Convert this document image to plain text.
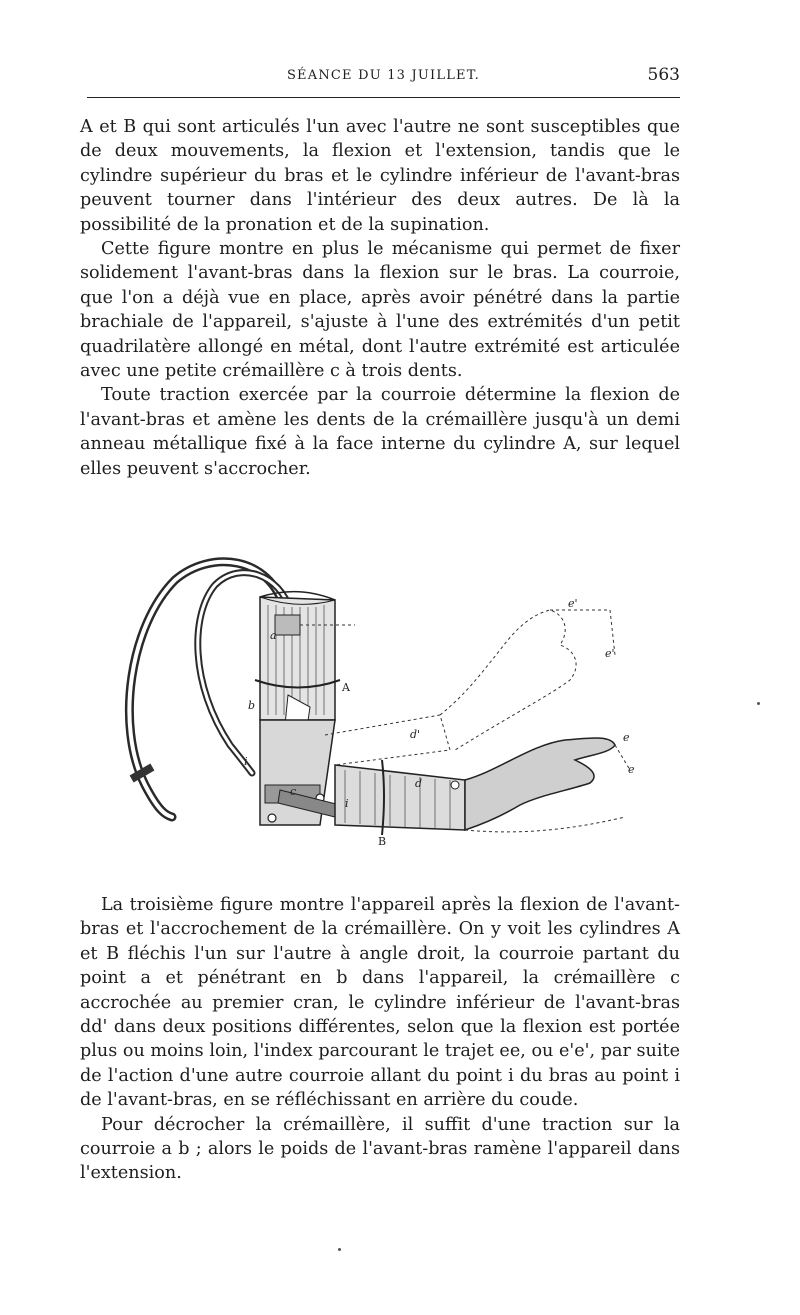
SÉANCE DU 13 JUILLET.	563

A et B qui sont articulés l'un avec l'autre ne sont susceptibles que de deux mouvements, la flexion et l'extension, tandis que le cylindre supérieur du bras et le cylindre inférieur de l'avant-bras peuvent tourner dans l'intérieur des deux autres. De là la possibilité de la pronation et de la supination.

Cette figure montre en plus le mécanisme qui permet de fixer solidement l'avant-bras dans la flexion sur le bras. La courroie, que l'on a déjà vue en place, après avoir pénétré dans la partie brachiale de l'appareil, s'ajuste à l'une des extrémités d'un petit quadrilatère allongé en métal, dont l'autre extrémité est articulée avec une petite crémaillère c à trois dents.

Toute traction exercée par la courroie détermine la flexion de l'avant-bras et amène les dents de la crémaillère jusqu'à un demi anneau métallique fixé à la face interne du cylindre A, sur lequel elles peuvent s'accrocher.

a
A
b
i
c
d
d'
i
B
e'
e'
e
e

La troisième figure montre l'appareil après la flexion de l'avant-bras et l'accrochement de la crémaillère. On y voit les cylindres A et B fléchis l'un sur l'autre à angle droit, la courroie partant du point a et pénétrant en b dans l'appareil, la crémaillère c accrochée au premier cran, le cylindre inférieur de l'avant-bras dd' dans deux positions différentes, selon que la flexion est portée plus ou moins loin, l'index parcourant le trajet ee, ou e'e', par suite de l'action d'une autre courroie allant du point i du bras au point i de l'avant-bras, en se réfléchissant en arrière du coude.

Pour décrocher la crémaillère, il suffit d'une traction sur la courroie a b ; alors le poids de l'avant-bras ramène l'appareil dans l'extension.
